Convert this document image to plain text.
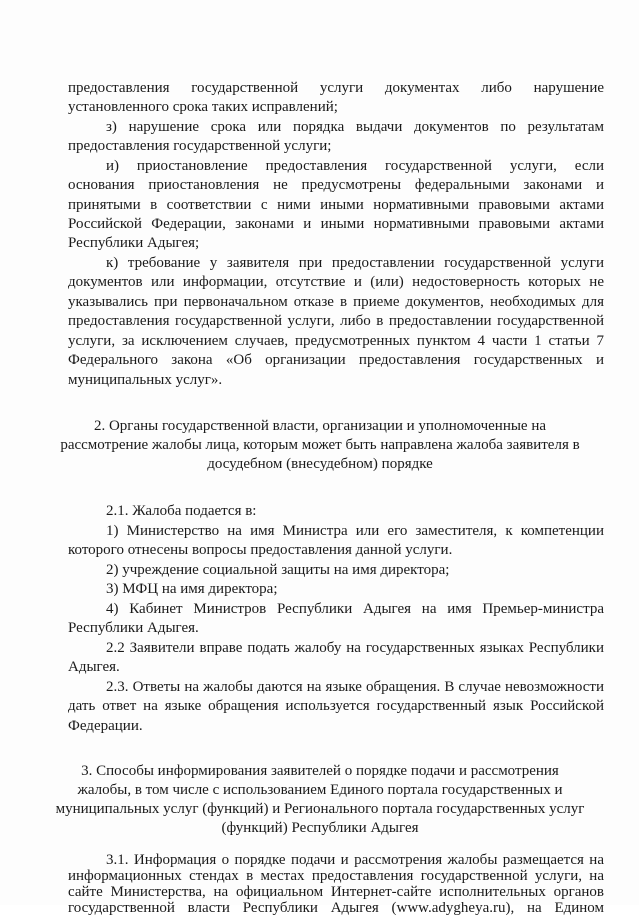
предоставления государственной услуги документах либо нарушение
установленного срока таких исправлений;
з) нарушение срока или порядка выдачи документов по результатам
предоставления государственной услуги;
и) приостановление предоставления государственной услуги, если
основания приостановления не предусмотрены федеральными законами и
принятыми в соответствии с ними иными нормативными правовыми актами
Российской Федерации, законами и иными нормативными правовыми актами
Республики Адыгея;
к) требование у заявителя при предоставлении государственной услуги
документов или информации, отсутствие и (или) недостоверность которых не
указывались при первоначальном отказе в приеме документов, необходимых для
предоставления государственной услуги, либо в предоставлении государственной
услуги, за исключением случаев, предусмотренных пунктом 4 части 1 статьи 7
Федерального закона «Об организации предоставления государственных и
муниципальных услуг».
2. Органы государственной власти, организации и уполномоченные на
рассмотрение жалобы лица, которым может быть направлена жалоба заявителя в
досудебном (внесудебном) порядке
2.1. Жалоба подается в:
1) Министерство на имя Министра или его заместителя, к компетенции
которого отнесены вопросы предоставления данной услуги.
2) учреждение социальной защиты на имя директора;
3) МФЦ на имя директора;
4) Кабинет Министров Республики Адыгея на имя Премьер-министра
Республики Адыгея.
2.2 Заявители вправе подать жалобу на государственных языках Республики
Адыгея.
2.3. Ответы на жалобы даются на языке обращения. В случае невозможности
дать ответ на языке обращения используется государственный язык Российской
Федерации.
3. Способы информирования заявителей о порядке подачи и рассмотрения
жалобы, в том числе с использованием Единого портала государственных и
муниципальных услуг (функций) и Регионального портала государственных услуг
(функций) Республики Адыгея
3.1. Информация о порядке подачи и рассмотрения жалобы размещается на
информационных стендах в местах предоставления государственной услуги, на
сайте Министерства, на официальном Интернет-сайте исполнительных органов
государственной власти Республики Адыгея (www.adygheya.ru), на Едином
